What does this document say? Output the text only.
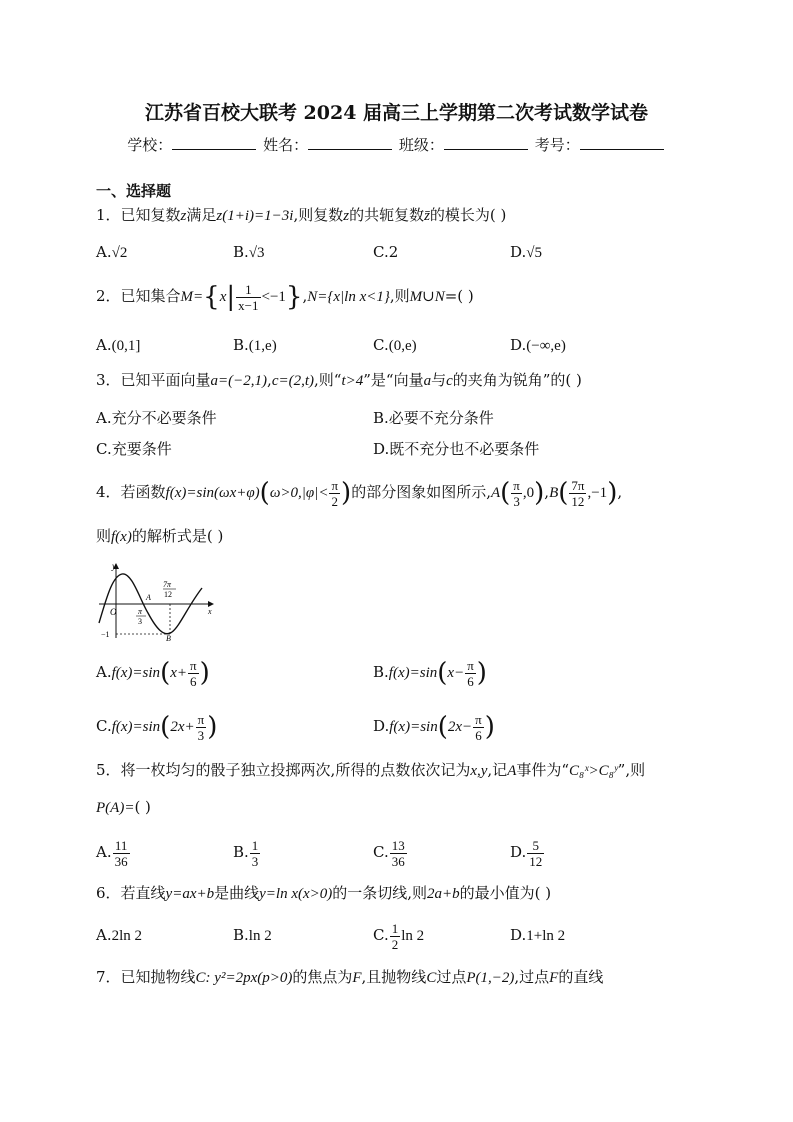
江苏省百校大联考 2024 届高三上学期第二次考试数学试卷
学校：	姓名：	班级：	考号：
一、选择题
1．已知复数z满足z(1+i)=1−3i,则复数z的共轭复数z̄的模长为( )
A.√2	B.√3	C.2	D.√5
2．已知集合$M=\{x| \frac{1}{x-1} <-1\},N=\{x|\ln$ x<1},则M∪N=( )
A.(0,1]	B.(1,e)	C.(0,e)	D.(−∞,e)
3．已知平面向量a=(−2,1),c=(2,t),则“t>4”是“向量a与c的夹角为锐角”的( )
A.充分不必要条件	B.必要不充分条件
C.充要条件	D.既不充分也不必要条件
4．若函数$f(x)=\sin(\omega x+\varphi)(\omega>0,|\varphi|< \frac{\pi}{2}$ )的部分图象如图所示$,A( \frac{\pi}{3} ,0),B( \frac{7\pi}{12} ,-1)$,
则f(x)的解析式是( )
y
O
A
π
3
7π
12
B
x
−1
$A.f(x)=\sin(x+ \frac{\pi}{6}$ )	$B.f(x)=\sin(x- \frac{\pi}{6}$ )
$C.f(x)=\sin(2x+ \frac{\pi}{3}$ )	$D.f(x)=\sin(2x- \frac{\pi}{6}$ )
5．将一枚均匀的骰子独立投掷两次,所得的点数依次记为x,y,记A事件为“C₈ˣ>C₈ʸ”,则
P(A)=( )
A. $\frac{11}{36}$	B. $\frac{1}{3}$	C. $\frac{13}{36}$	D. $\frac{5}{12}$
6．若直线y=ax+b是曲线y=ln x(x>0)的一条切线,则2a+b的最小值为( )
A.2ln 2	B.ln 2	C. $\frac{1}{2}$ ln 2	D.1+ln 2
7．已知抛物线C: y²=2px(p>0)的焦点为F,且抛物线C过点P(1,−2),过点F的直线
